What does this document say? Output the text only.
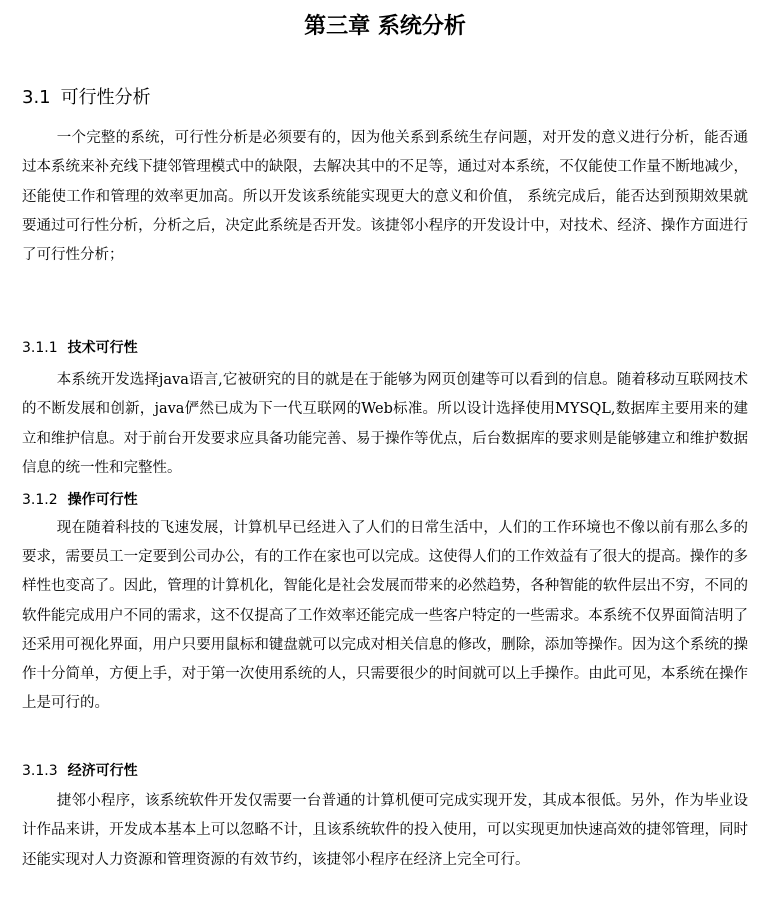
第三章 系统分析
3.1 可行性分析

一个完整的系统，可行性分析是必须要有的，因为他关系到系统生存问题，对开发的意义进行分析，能否通过本系统来补充线下捷邻管理模式中的缺限，去解决其中的不足等，通过对本系统，不仅能使工作量不断地减少，还能使工作和管理的效率更加高。所以开发该系统能实现更大的意义和价值， 系统完成后，能否达到预期效果就要通过可行性分析，分析之后，决定此系统是否开发。该捷邻小程序的开发设计中，对技术、经济、操作方面进行了可行性分析；

3.1.1 技术可行性

本系统开发选择java语言,它被研究的目的就是在于能够为网页创建等可以看到的信息。随着移动互联网技术的不断发展和创新，java俨然已成为下一代互联网的Web标准。所以设计选择使用MYSQL,数据库主要用来的建立和维护信息。对于前台开发要求应具备功能完善、易于操作等优点，后台数据库的要求则是能够建立和维护数据信息的统一性和完整性。

3.1.2 操作可行性

现在随着科技的飞速发展，计算机早已经进入了人们的日常生活中，人们的工作环境也不像以前有那么多的要求，需要员工一定要到公司办公，有的工作在家也可以完成。这使得人们的工作效益有了很大的提高。操作的多样性也变高了。因此，管理的计算机化，智能化是社会发展而带来的必然趋势，各种智能的软件层出不穷，不同的软件能完成用户不同的需求，这不仅提高了工作效率还能完成一些客户特定的一些需求。本系统不仅界面简洁明了还采用可视化界面，用户只要用鼠标和键盘就可以完成对相关信息的修改，删除，添加等操作。因为这个系统的操作十分简单，方便上手，对于第一次使用系统的人，只需要很少的时间就可以上手操作。由此可见，本系统在操作上是可行的。

3.1.3 经济可行性

捷邻小程序，该系统软件开发仅需要一台普通的计算机便可完成实现开发，其成本很低。另外，作为毕业设计作品来讲，开发成本基本上可以忽略不计，且该系统软件的投入使用，可以实现更加快速高效的捷邻管理，同时还能实现对人力资源和管理资源的有效节约，该捷邻小程序在经济上完全可行。
